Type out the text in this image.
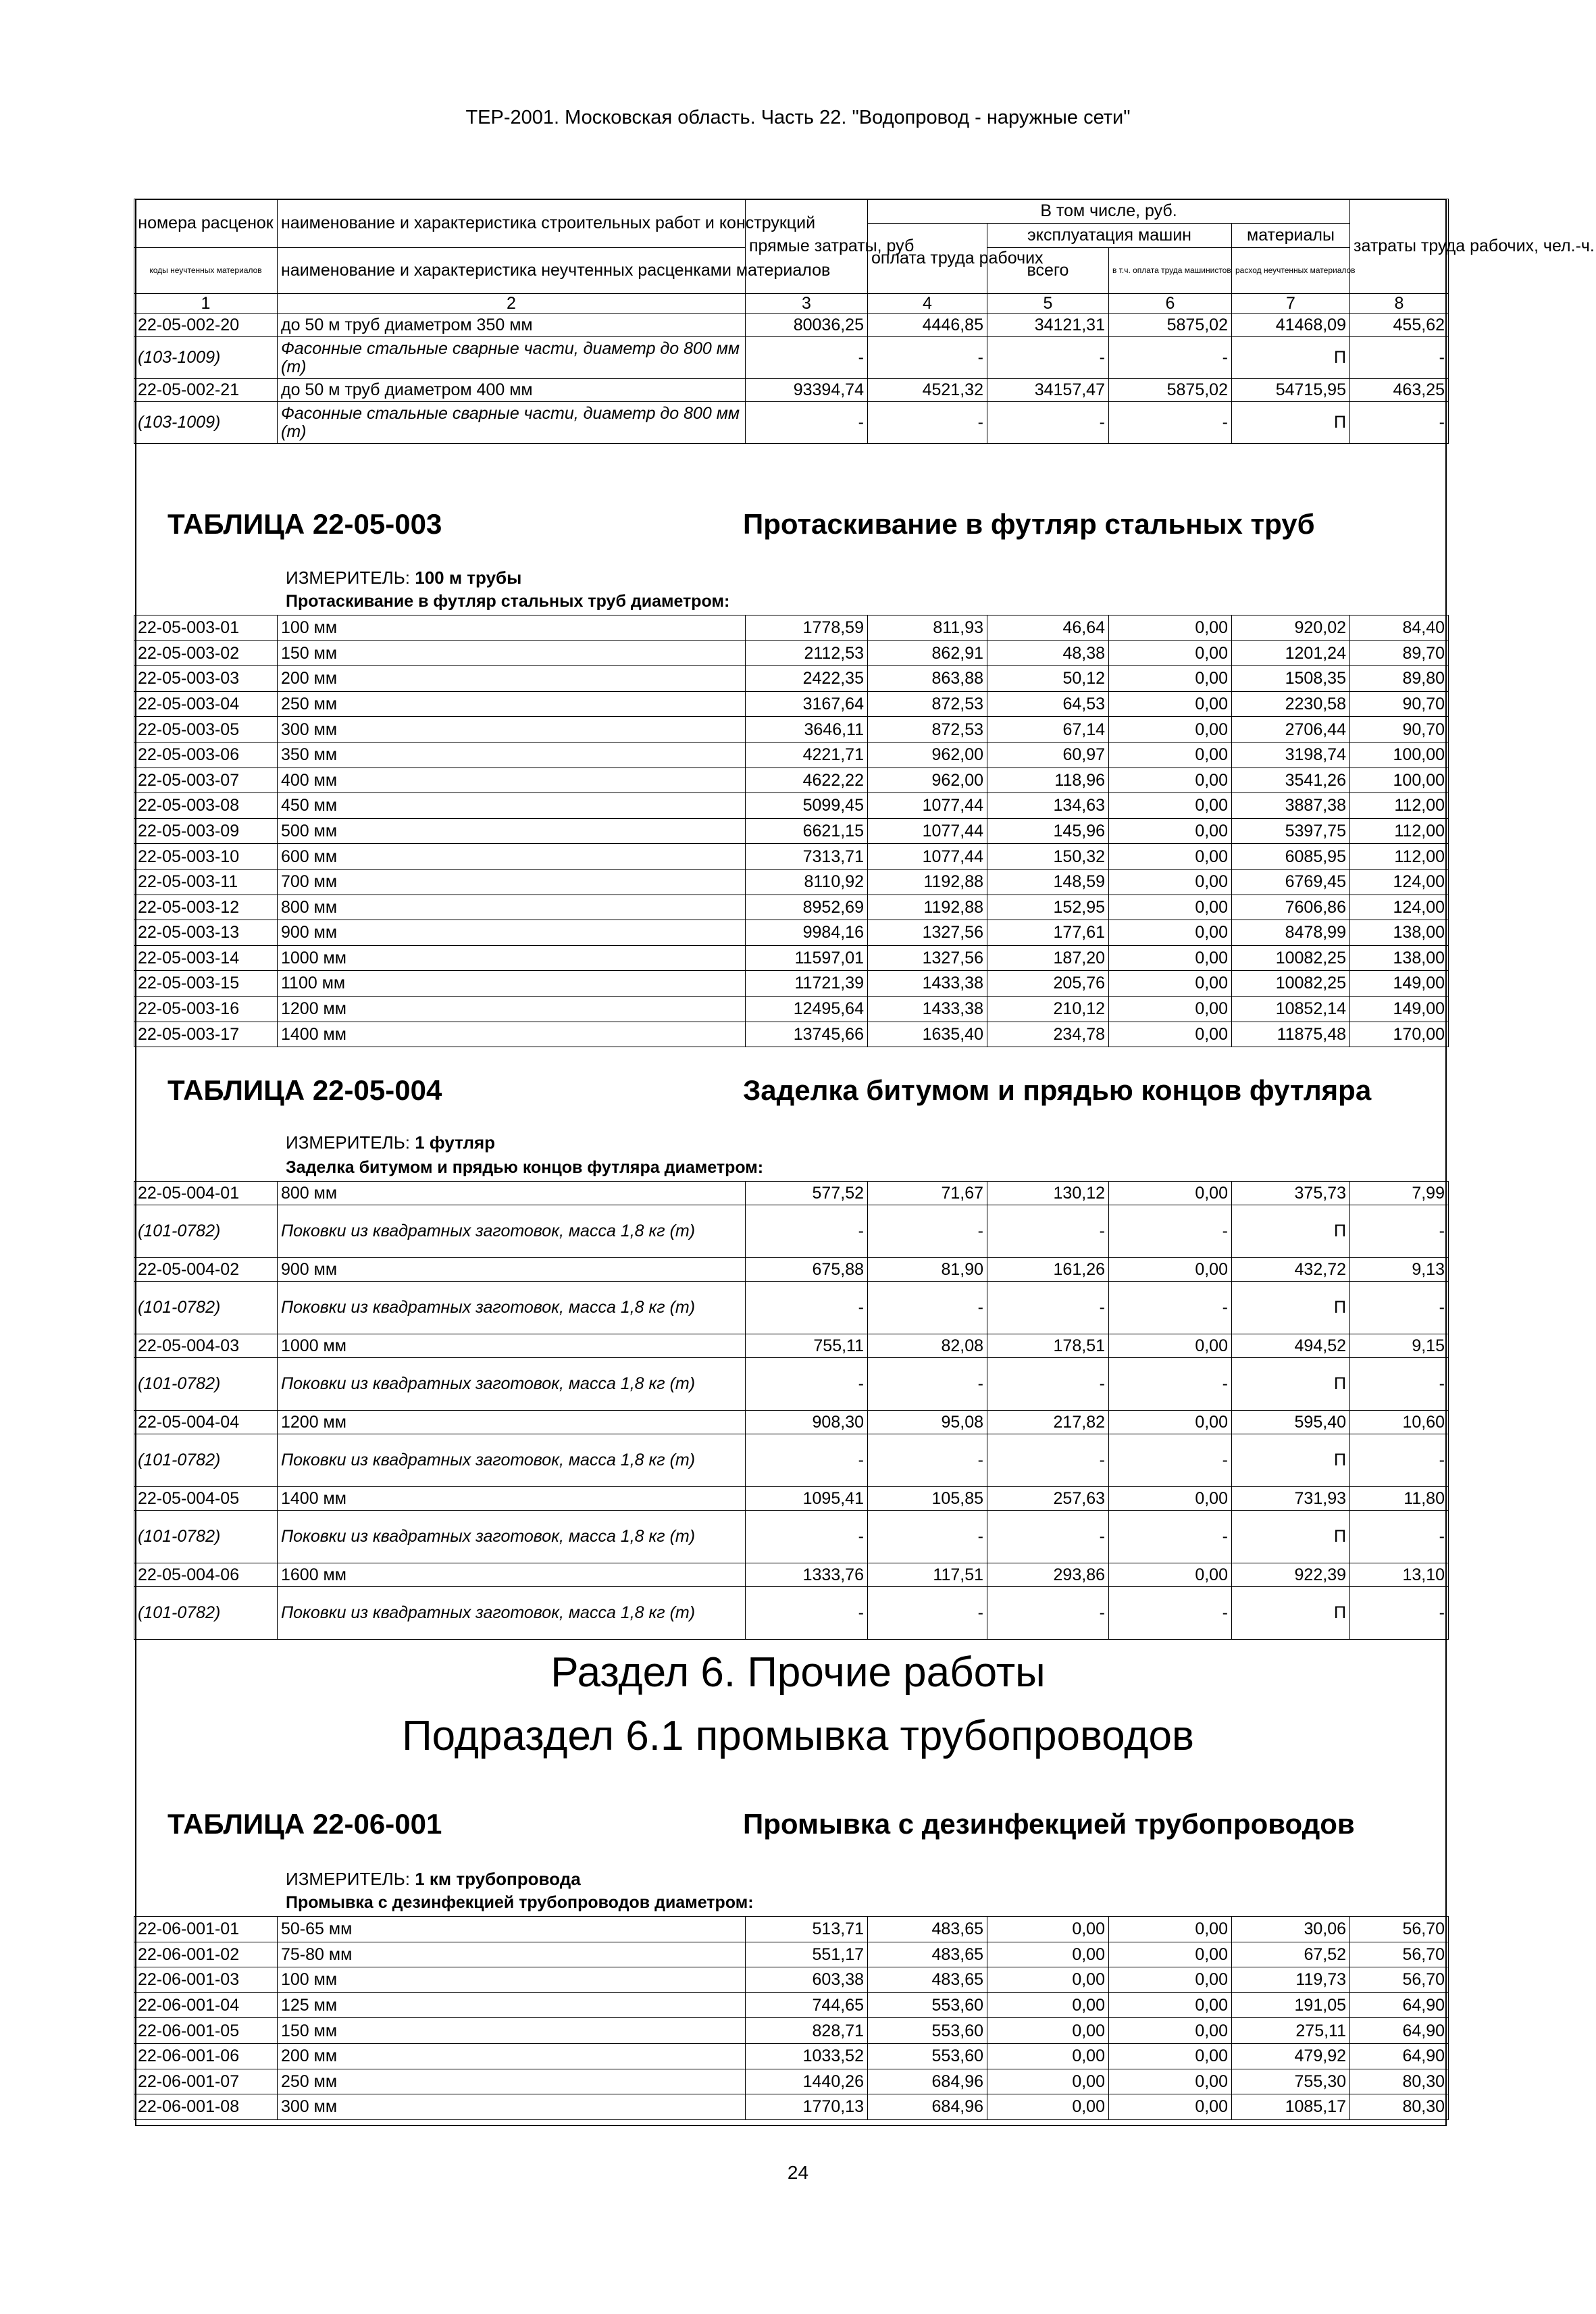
ТЕР-2001. Московская область. Часть 22. "Водопровод - наружные сети"
номера расценок	наименование и характеристика строительных работ и конструкций	прямые затраты, руб	В том числе, руб.				затраты труда рабочих, чел.-ч.
			оплата труда рабочих	эксплуатация машин		материалы	
коды неучтенных материалов	наименование и характеристика неучтенных расценками материалов			всего	в т.ч. оплата труда машинистов	расход неучтенных материалов	

1	2	3	4	5	6	7	8
22-05-002-20	до 50 м труб диаметром 350 мм	80036,25	4446,85	34121,31	5875,02	41468,09	455,62
(103-1009)	Фасонные стальные сварные части, диаметр до 800 мм (т)	-	-	-	-	П	-
22-05-002-21	до 50 м труб диаметром 400 мм	93394,74	4521,32	34157,47	5875,02	54715,95	463,25
(103-1009)	Фасонные стальные сварные части, диаметр до 800 мм (т)	-	-	-	-	П	-
ТАБЛИЦА 22-05-003	Протаскивание в футляр стальных труб
ИЗМЕРИТЕЛЬ: 100 м трубы
Протаскивание в футляр стальных труб диаметром:
22-05-003-01	100 мм	1778,59	811,93	46,64	0,00	920,02	84,40
22-05-003-02	150 мм	2112,53	862,91	48,38	0,00	1201,24	89,70
22-05-003-03	200 мм	2422,35	863,88	50,12	0,00	1508,35	89,80
22-05-003-04	250 мм	3167,64	872,53	64,53	0,00	2230,58	90,70
22-05-003-05	300 мм	3646,11	872,53	67,14	0,00	2706,44	90,70
22-05-003-06	350 мм	4221,71	962,00	60,97	0,00	3198,74	100,00
22-05-003-07	400 мм	4622,22	962,00	118,96	0,00	3541,26	100,00
22-05-003-08	450 мм	5099,45	1077,44	134,63	0,00	3887,38	112,00
22-05-003-09	500 мм	6621,15	1077,44	145,96	0,00	5397,75	112,00
22-05-003-10	600 мм	7313,71	1077,44	150,32	0,00	6085,95	112,00
22-05-003-11	700 мм	8110,92	1192,88	148,59	0,00	6769,45	124,00
22-05-003-12	800 мм	8952,69	1192,88	152,95	0,00	7606,86	124,00
22-05-003-13	900 мм	9984,16	1327,56	177,61	0,00	8478,99	138,00
22-05-003-14	1000 мм	11597,01	1327,56	187,20	0,00	10082,25	138,00
22-05-003-15	1100 мм	11721,39	1433,38	205,76	0,00	10082,25	149,00
22-05-003-16	1200 мм	12495,64	1433,38	210,12	0,00	10852,14	149,00
22-05-003-17	1400 мм	13745,66	1635,40	234,78	0,00	11875,48	170,00
ТАБЛИЦА 22-05-004	Заделка битумом и прядью концов футляра
ИЗМЕРИТЕЛЬ: 1 футляр
Заделка битумом и прядью концов футляра диаметром:
22-05-004-01	800 мм	577,52	71,67	130,12	0,00	375,73	7,99
(101-0782)	Поковки из квадратных заготовок, масса 1,8 кг (т)	-	-	-	-	П	-
22-05-004-02	900 мм	675,88	81,90	161,26	0,00	432,72	9,13
(101-0782)	Поковки из квадратных заготовок, масса 1,8 кг (т)	-	-	-	-	П	-
22-05-004-03	1000 мм	755,11	82,08	178,51	0,00	494,52	9,15
(101-0782)	Поковки из квадратных заготовок, масса 1,8 кг (т)	-	-	-	-	П	-
22-05-004-04	1200 мм	908,30	95,08	217,82	0,00	595,40	10,60
(101-0782)	Поковки из квадратных заготовок, масса 1,8 кг (т)	-	-	-	-	П	-
22-05-004-05	1400 мм	1095,41	105,85	257,63	0,00	731,93	11,80
(101-0782)	Поковки из квадратных заготовок, масса 1,8 кг (т)	-	-	-	-	П	-
22-05-004-06	1600 мм	1333,76	117,51	293,86	0,00	922,39	13,10
(101-0782)	Поковки из квадратных заготовок, масса 1,8 кг (т)	-	-	-	-	П	-
Раздел 6. Прочие работы
Подраздел 6.1 промывка трубопроводов
ТАБЛИЦА 22-06-001	Промывка с дезинфекцией трубопроводов
ИЗМЕРИТЕЛЬ: 1 км трубопровода
Промывка с дезинфекцией трубопроводов диаметром:
22-06-001-01	50-65 мм	513,71	483,65	0,00	0,00	30,06	56,70
22-06-001-02	75-80 мм	551,17	483,65	0,00	0,00	67,52	56,70
22-06-001-03	100 мм	603,38	483,65	0,00	0,00	119,73	56,70
22-06-001-04	125 мм	744,65	553,60	0,00	0,00	191,05	64,90
22-06-001-05	150 мм	828,71	553,60	0,00	0,00	275,11	64,90
22-06-001-06	200 мм	1033,52	553,60	0,00	0,00	479,92	64,90
22-06-001-07	250 мм	1440,26	684,96	0,00	0,00	755,30	80,30
22-06-001-08	300 мм	1770,13	684,96	0,00	0,00	1085,17	80,30
24
